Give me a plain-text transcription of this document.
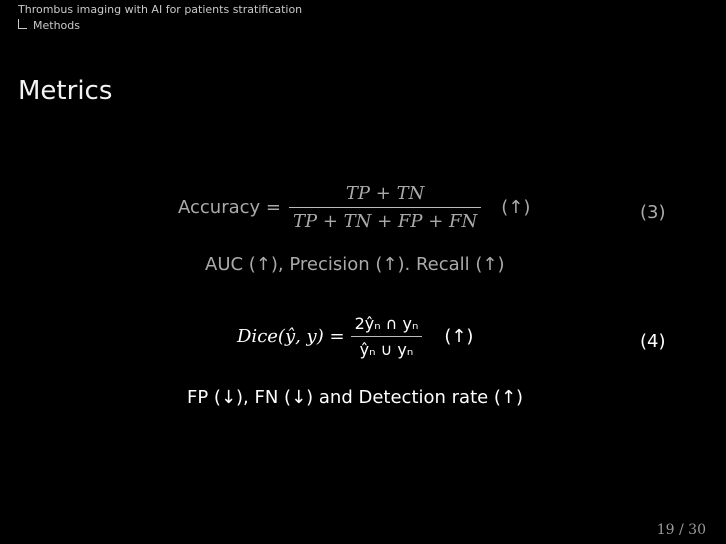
Thrombus imaging with AI for patients stratification
Methods
Metrics
Accuracy = $\frac{TP + TN}{TP + TN + FP + FN}$ (↑)	(3)
AUC (↑), Precision (↑). Recall (↑)
Dice(ŷ, $y) = \frac{\text{2ŷₙ ∩ yₙ}}{\text{ŷₙ ∪ yₙ}}$ (↑)	(4)
FP (↓), FN (↓) and Detection rate (↑)
19 / 30
